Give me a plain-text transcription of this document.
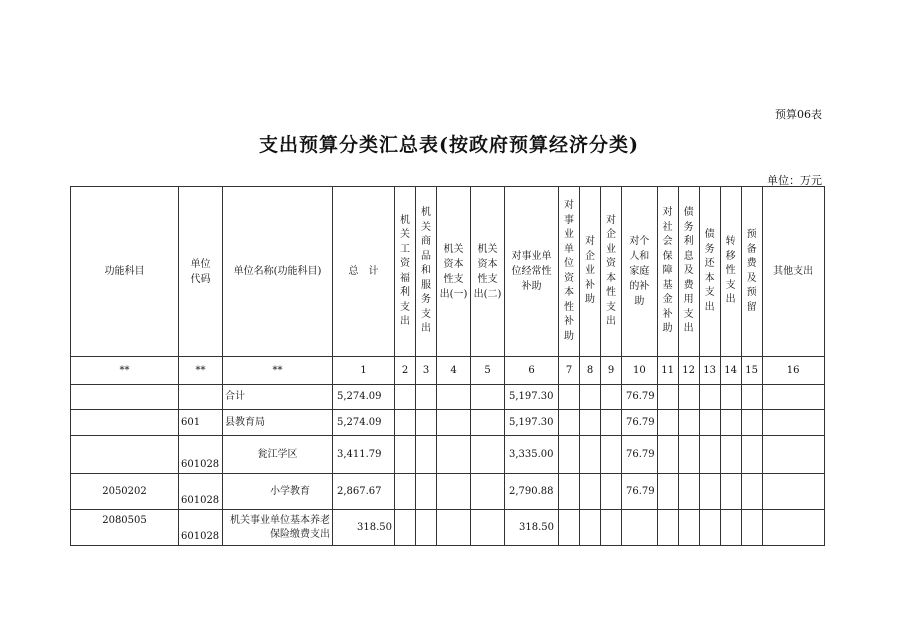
预算06表
支出预算分类汇总表(按政府预算经济分类)
单位：万元
功能科目	单位代码	单位名称(功能科目)	总　计	机关工资福利支出	机关商品和服务支出	机关资本性支出(一)	机关资本性支出(二)	对事业单位经常性补助	对事业单位资本性补助	对企业补助	对企业资本性支出	对个人和家庭的补助	对社会保障基金补助	债务利息及费用支出	债务还本支出	转移性支出	预备费及预留	其他支出
**	**	**	1	2	3	4	5	6	7	8	9	10	11	12	13	14	15	16
		合计	5,274.09					5,197.30				76.79						
	601	县教育局	5,274.09					5,197.30				76.79						
	601028	瓮江学区	3,411.79					3,335.00				76.79						
2050202	601028	小学教育	2,867.67					2,790.88				76.79						
2080505	601028	机关事业单位基本养老保险缴费支出	318.50					318.50										
